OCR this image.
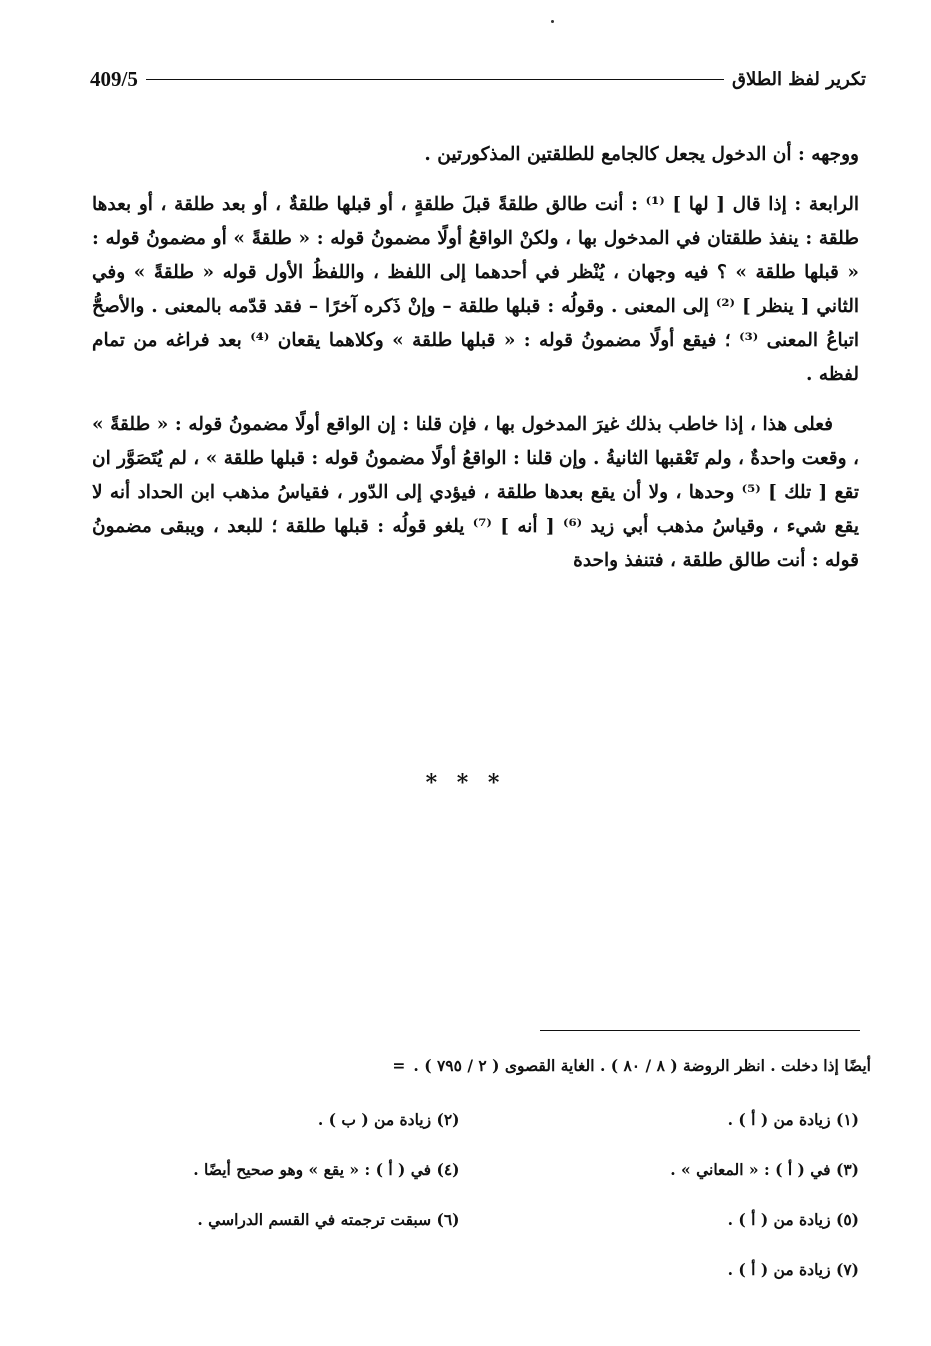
409/5	تكرير لفظ الطلاق

ووجهه : أن الدخول يجعل كالجامع للطلقتين المذكورتين .

الرابعة : إذا قال [ لها ] ⁽¹⁾ : أنت طالق طلقةً قبلَ طلقةٍ ، أو قبلها طلقةٌ ، أو بعد طلقة ، أو بعدها طلقة : ينفذ طلقتان في المدخول بها ، ولكنْ الواقعُ أولًا مضمونُ قوله : « طلقةً » أو مضمونُ قوله : « قبلها طلقة » ؟ فيه وجهان ، يُنْظر في أحدهما إلى اللفظ ، واللفظُ الأول قوله « طلقةً » وفي الثاني [ ينظر ] ⁽²⁾ إلى المعنى . وقولُه : قبلها طلقة – وإنْ ذَكره آخرًا – فقد قدّمه بالمعنى . والأصحُّ اتباعُ المعنى ⁽³⁾ ؛ فيقع أولًا مضمونُ قوله : « قبلها طلقة » وكلاهما يقعان ⁽⁴⁾ بعد فراغه من تمام لفظه .

فعلى هذا ، إذا خاطب بذلك غيرَ المدخول بها ، فإن قلنا : إن الواقع أولًا مضمونُ قوله : « طلقةً » ، وقعت واحدةٌ ، ولم تَعْقبها الثانيةُ . وإن قلنا : الواقعُ أولًا مضمونُ قوله : قبلها طلقة » ، لم يُتَصَوَّر ان تقع [ تلك ] ⁽⁵⁾ وحدها ، ولا أن يقع بعدها طلقة ، فيؤدي إلى الدّور ، فقياسُ مذهب ابن الحداد أنه لا يقع شيء ، وقياسُ مذهب أبي زيد ⁽⁶⁾ [ أنه ] ⁽⁷⁾ يلغو قولُه : قبلها طلقة ؛ للبعد ، ويبقى مضمونُ قوله : أنت طالق طلقة ، فتنفذ واحدة

* * *
أيضًا إذا دخلت . انظر الروضة ( ٨ / ٨٠ ) . الغاية القصوى ( ٢ / ٧٩٥ ) .
=
(١) زيادة من ( أ ) .
(٢) زيادة من ( ب ) .
(٣) في ( أ ) : « المعاني » .
(٤) في ( أ ) : « يقع » وهو صحيح أيضًا .
(٥) زيادة من ( أ ) .
(٦) سبقت ترجمته في القسم الدراسي .
(٧) زيادة من ( أ ) .
